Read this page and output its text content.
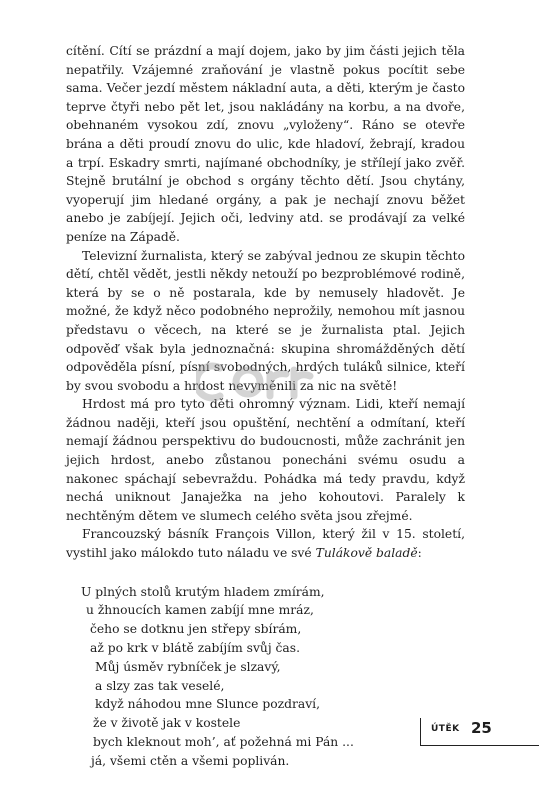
cítění. Cítí se prázdní a mají dojem, jako by jim části jejich těla nepatřily. Vzájemné zraňování je vlastně pokus pocítit sebe sama. Večer jezdí městem nákladní auta, a děti, kterým je často teprve čtyři nebo pět let, jsou nakládány na korbu, a na dvoře, obehnaném vysokou zdí, znovu „vyloženy“. Ráno se otevře brána a děti proudí znovu do ulic, kde hladoví, žebrají, kradou a trpí. Eskadry smrti, najímané obchodníky, je střílejí jako zvěř. Stejně brutální je obchod s orgány těchto dětí. Jsou chytány, vyoperují jim hledané orgány, a pak je nechají znovu běžet anebo je zabíjejí. Jejich oči, ledviny atd. se prodávají za velké peníze na Západě.

Televizní žurnalista, který se zabýval jednou ze skupin těchto dětí, chtěl vědět, jestli někdy netouží po bezproblémové rodině, která by se o ně postarala, kde by nemusely hladovět. Je možné, že když něco podobného neprožily, nemohou mít jasnou představu o věcech, na které se je žurnalista ptal. Jejich odpověď však byla jednoznačná: skupina shromážděných dětí odpověděla písní, písní svobodných, hrdých tuláků silnice, kteří by svou svobodu a hrdost nevyměnili za nic na světě!

Hrdost má pro tyto děti ohromný význam. Lidi, kteří nemají žádnou naději, kteří jsou opuštění, nechtění a odmítaní, kteří nemají žádnou perspektivu do budoucnosti, může zachránit jen jejich hrdost, anebo zůstanou ponecháni svému osudu a nakonec spáchají sebevraždu. Pohádka má tedy pravdu, když nechá uniknout Janaježka na jeho kohoutovi. Paralely k nechtěným dětem ve slumech celého světa jsou zřejmé.

Francouzský básník François Villon, který žil v 15. století, vystihl jako málokdo tuto náladu ve své Tulákově baladě:

U plných stolů krutým hladem zmírám,
u žhnoucích kamen zabíjí mne mráz,
čeho se dotknu jen střepy sbírám,
až po krk v blátě zabíjím svůj čas.
Můj úsměv rybníček je slzavý,
a slzy zas tak veselé,
když náhodou mne Slunce pozdraví,
že v životě jak v kostele
bych kleknout moh’, ať požehná mi Pán ...
já, všemi ctěn a všemi popliván.
ÚTĚK 25
